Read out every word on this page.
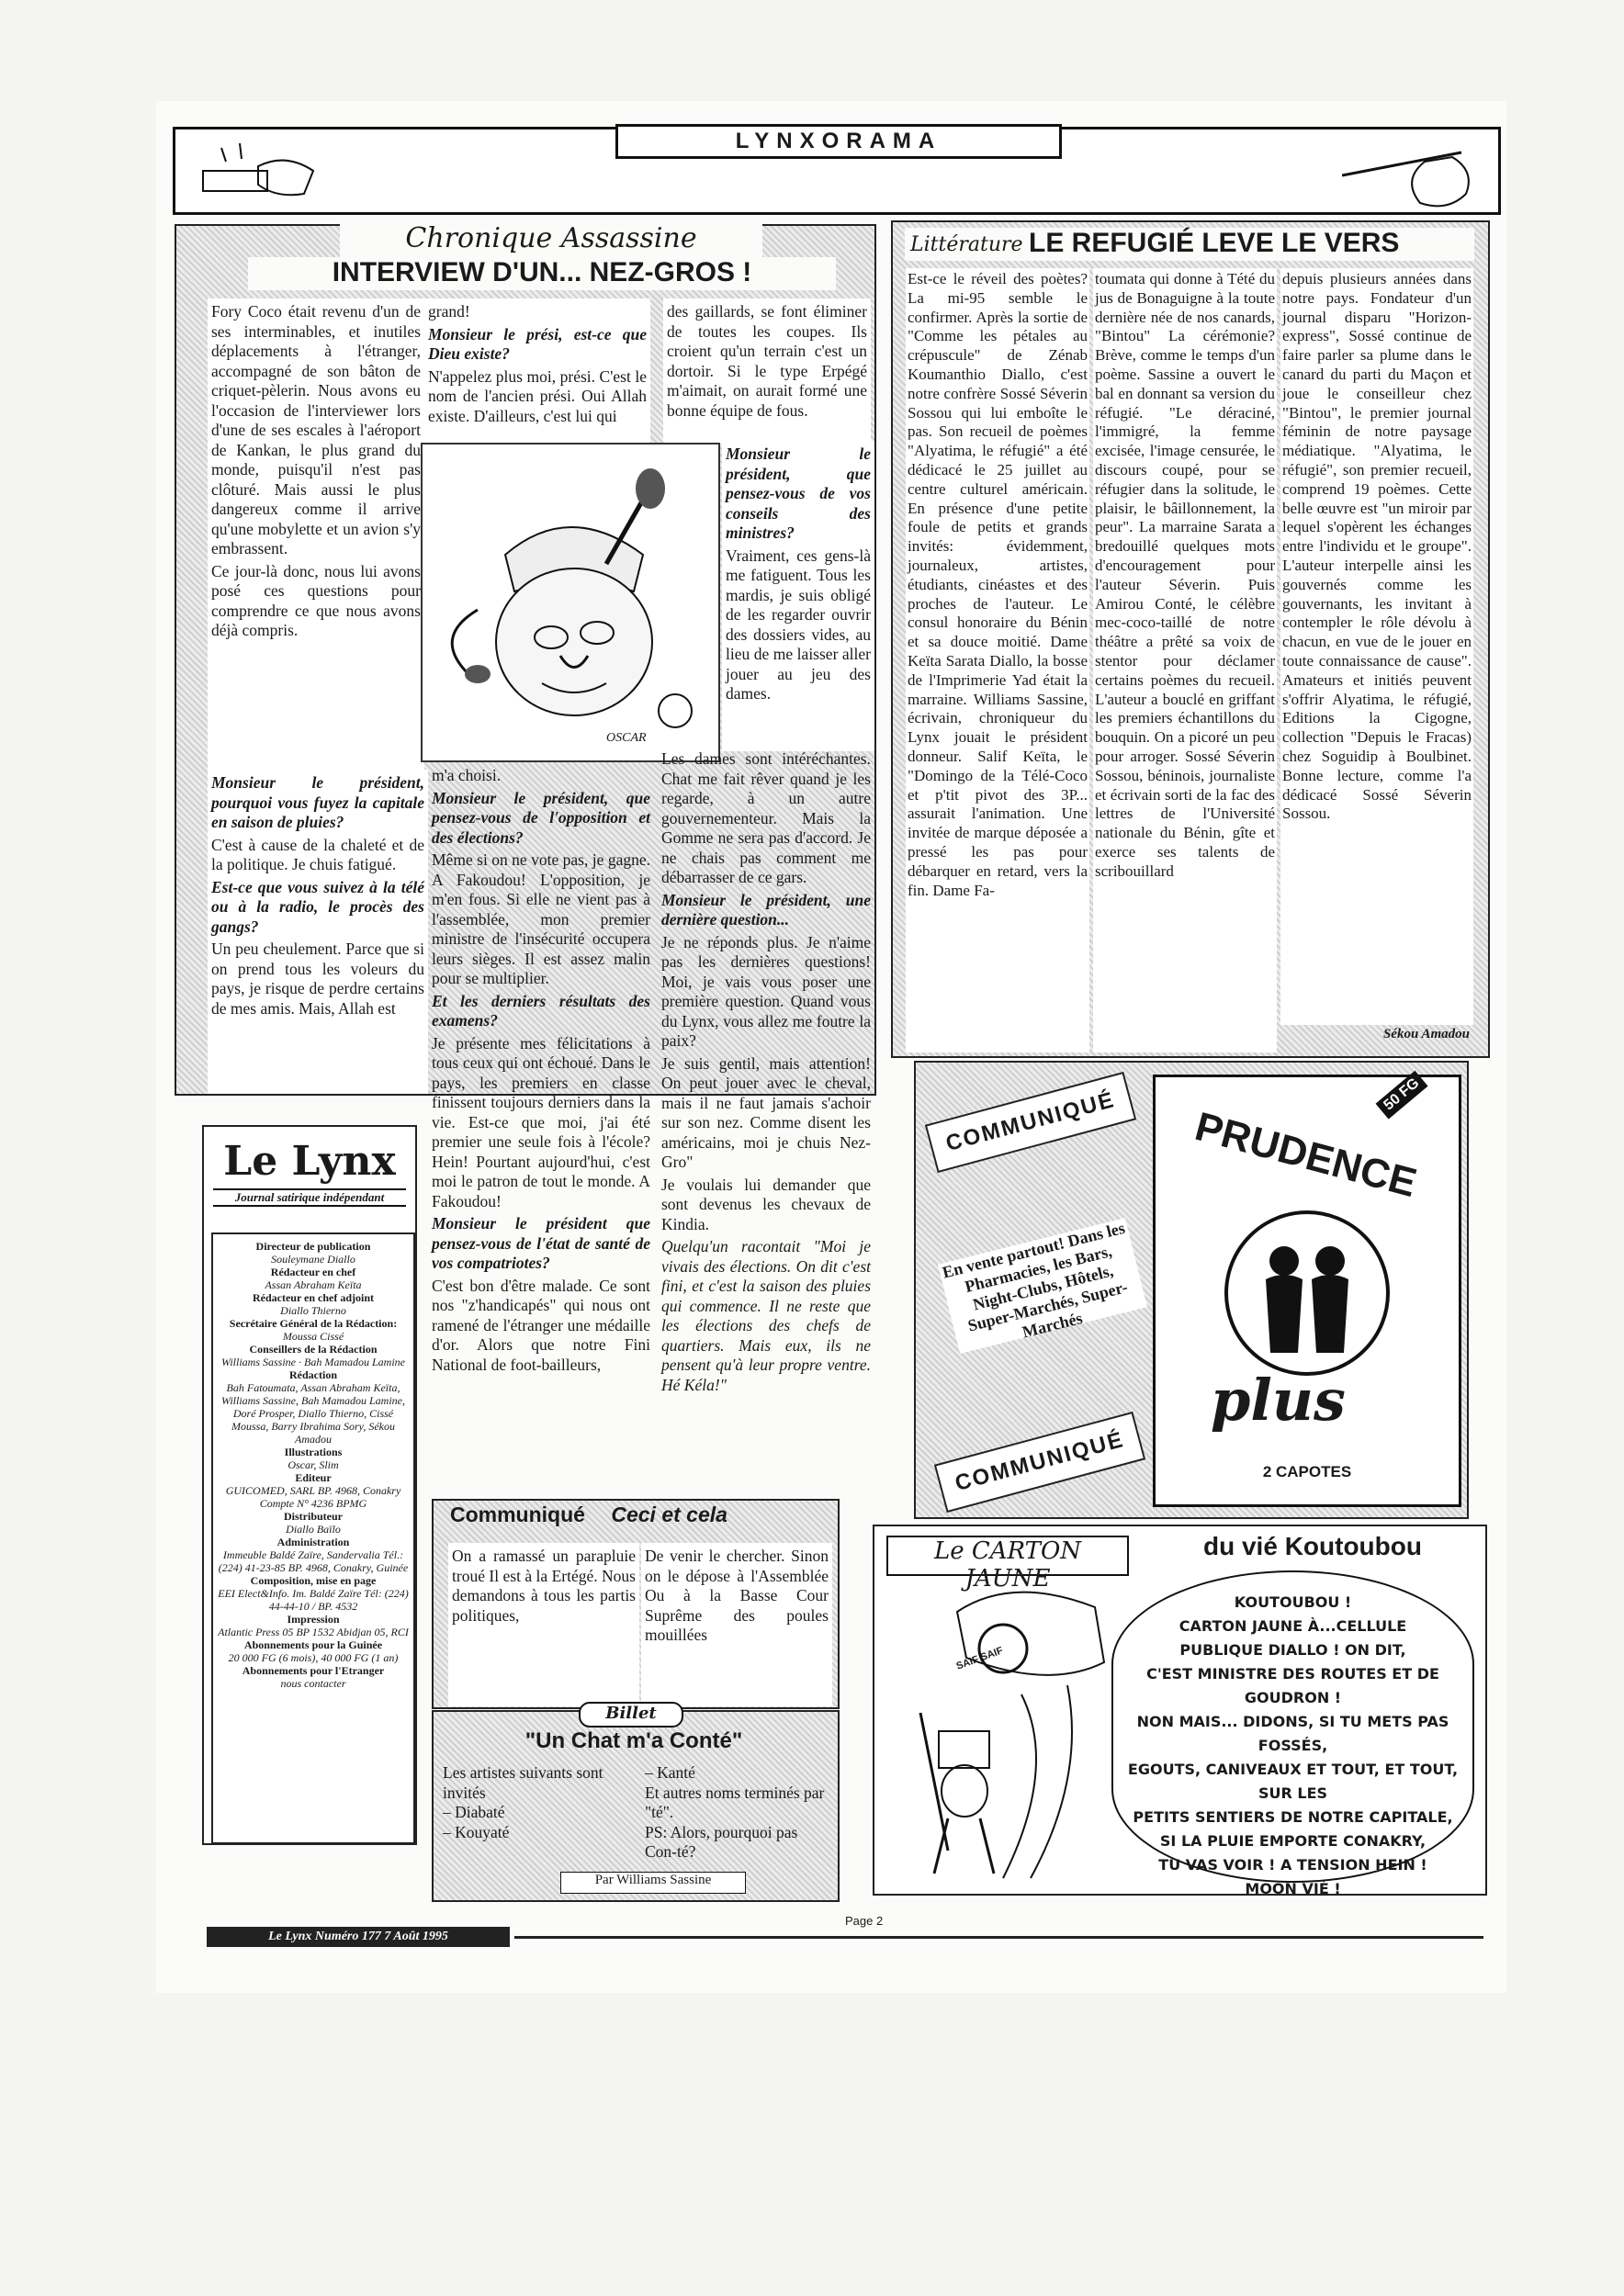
LYNXORAMA
Chronique Assassine
INTERVIEW D'UN... NEZ-GROS !

Fory Coco était revenu d'un de ses interminables, et inutiles déplacements à l'étranger, accompagné de son bâton de criquet-pèlerin. Nous avons eu l'occasion de l'interviewer lors d'une de ses escales à l'aéroport de Kankan, le plus grand du monde, puisqu'il n'est pas clôturé. Mais aussi le plus dangereux comme il arrive qu'une mobylette et un avion s'y embrassent.

Ce jour-là donc, nous lui avons posé ces questions pour comprendre ce que nous avons déjà compris.

Monsieur le président, pourquoi vous fuyez la capitale en saison de pluies?

C'est à cause de la chaleté et de la politique. Je chuis fatigué.

Est-ce que vous suivez à la télé ou à la radio, le procès des gangs?

Un peu cheulement. Parce que si on prend tous les voleurs du pays, je risque de perdre certains de mes amis. Mais, Allah est

grand!

Monsieur le prési, est-ce que Dieu existe?

N'appelez plus moi, prési. C'est le nom de l'ancien prési. Oui Allah existe. D'ailleurs, c'est lui qui

des gaillards, se font éliminer de toutes les coupes. Ils croient qu'un terrain c'est un dortoir. Si le type Erpégé m'aimait, on aurait formé une bonne équipe de fous.

OSCAR

Monsieur le président, que pensez-vous de vos conseils des ministres?

Vraiment, ces gens-là me fatiguent. Tous les mardis, je suis obligé de les regarder ouvrir des dossiers vides, au lieu de me laisser aller jouer au jeu des dames.

m'a choisi.

Monsieur le président, que pensez-vous de l'opposition et des élections?

Même si on ne vote pas, je gagne. A Fakoudou! L'opposition, je m'en fous. Si elle ne vient pas à l'assemblée, mon premier ministre de l'insécurité occupera leurs sièges. Il est assez malin pour se multiplier.

Et les derniers résultats des examens?

Je présente mes félicitations à tous ceux qui ont échoué. Dans le pays, les premiers en classe finissent toujours derniers dans la vie. Est-ce que moi, j'ai été premier une seule fois à l'école? Hein! Pourtant aujourd'hui, c'est moi le patron de tout le monde. A Fakoudou!

Monsieur le président que pensez-vous de l'état de santé de vos compatriotes?

C'est bon d'être malade. Ce sont nos "z'handicapés" qui nous ont ramené de l'étranger une médaille d'or. Alors que notre Fini National de foot-bailleurs,

Les dames sont intéréchantes. Chat me fait rêver quand je les regarde, à un autre gouvernementeur. Mais la Gomme ne sera pas d'accord. Je ne chais pas comment me débarrasser de ce gars.

Monsieur le président, une dernière question...

Je ne réponds plus. Je n'aime pas les dernières questions! Moi, je vais vous poser une première question. Quand vous du Lynx, vous allez me foutre la paix?

Je suis gentil, mais attention! On peut jouer avec le cheval, mais il ne faut jamais s'achoir sur son nez. Comme disent les américains, moi je chuis Nez-Gro"

Je voulais lui demander que sont devenus les chevaux de Kindia.

Quelqu'un racontait "Moi je vivais des élections. On dit c'est fini, et c'est la saison des pluies qui commence. Il ne reste que les élections des chefs de quartiers. Mais eux, ils ne pensent qu'à leur propre ventre. Hé Kéla!"

Littérature LE REFUGIÉ LEVE LE VERS
Est-ce le réveil des poètes? La mi-95 semble le confirmer. Après la sortie de "Comme les pétales au crépuscule" de Zénab Koumanthio Diallo, c'est notre confrère Sossé Séverin Sossou qui lui emboîte le pas. Son recueil de poèmes "Alyatima, le réfugié" a été dédicacé le 25 juillet au centre culturel américain. En présence d'une petite foule de petits et grands invités: évidemment, journaleux, artistes, étudiants, cinéastes et des proches de l'auteur. Le consul honoraire du Bénin et sa douce moitié. Dame Keïta Sarata Diallo, la bosse de l'Imprimerie Yad était la marraine. Williams Sassine, écrivain, chroniqueur du Lynx jouait le président donneur. Salif Keïta, le "Domingo de la Télé-Coco et p'tit pivot des 3P... assurait l'animation. Une invitée de marque déposée a pressé les pas pour débarquer en retard, vers la fin. Dame Fa-
toumata qui donne à Tété du jus de Bonaguigne à la toute dernière née de nos canards, "Bintou" La cérémonie? Brève, comme le temps d'un poème. Sassine a ouvert le bal en donnant sa version du réfugié. "Le déraciné, l'immigré, la femme excisée, l'image censurée, le discours coupé, pour se réfugier dans la solitude, le plaisir, le bâillonnement, la peur". La marraine Sarata a bredouillé quelques mots d'encouragement pour l'auteur Séverin. Puis Amirou Conté, le célèbre mec-coco-taillé de notre théâtre a prêté sa voix de stentor pour déclamer certains poèmes du recueil. L'auteur a bouclé en griffant les premiers échantillons du bouquin. On a picoré un peu pour arroger. Sossé Séverin Sossou, béninois, journaliste et écrivain sorti de la fac des lettres de l'Université nationale du Bénin, gîte et exerce ses talents de scribouillard
depuis plusieurs années dans notre pays. Fondateur d'un journal disparu "Horizon-express", Sossé continue de faire parler sa plume dans le canard du parti du Maçon et joue le conseilleur chez "Bintou", le premier journal féminin de notre paysage médiatique. "Alyatima, le réfugié", son premier recueil, comprend 19 poèmes. Cette belle œuvre est "un miroir par lequel s'opèrent les échanges entre l'individu et le groupe". L'auteur interpelle ainsi les gouvernés comme les gouvernants, les invitant à contempler le rôle dévolu à chacun, en vue de le jouer en toute connaissance de cause". Amateurs et initiés peuvent s'offrir Alyatima, le réfugié, Editions la Cigogne, collection "Depuis le Fracas) chez Soguidip à Boulbinet. Bonne lecture, comme l'a dédicacé Sossé Séverin Sossou.
Sékou Amadou
Le Lynx
Journal satirique indépendant
Directeur de publication
Souleymane Diallo
Rédacteur en chef
Assan Abraham Keïta
Rédacteur en chef adjoint
Diallo Thierno
Secrétaire Général de la Rédaction:
Moussa Cissé
Conseillers de la Rédaction
Williams Sassine · Bah Mamadou Lamine
Rédaction
Bah Fatoumata, Assan Abraham Keïta, Williams Sassine, Bah Mamadou Lamine, Doré Prosper, Diallo Thierno, Cissé Moussa, Barry Ibrahima Sory, Sékou Amadou
Illustrations
Oscar, Slim
Editeur
GUICOMED, SARL BP. 4968, Conakry Compte N° 4236 BPMG
Distributeur
Diallo Baïlo
Administration
Immeuble Baldé Zaïre, Sandervalia Tél.: (224) 41-23-85 BP. 4968, Conakry, Guinée
Composition, mise en page
EEI Elect&Info. Im. Baldé Zaïre Tél: (224) 44-44-10 / BP. 4532
Impression
Atlantic Press 05 BP 1532 Abidjan 05, RCI
Abonnements pour la Guinée
20 000 FG (6 mois), 40 000 FG (1 an)
Abonnements pour l'Etranger
nous contacter
COMMUNIQUÉ
En vente partout! Dans les Pharmacies, les Bars, Night-Clubs, Hôtels, Super-Marchés, Super-Marchés
COMMUNIQUÉ
PRUDENCE
50 FG
plus
2 CAPOTES
Communiqué Ceci et cela
On a ramassé un parapluie troué Il est à la Ertégé. Nous demandons à tous les partis politiques,
De venir le chercher. Sinon on le dépose à l'Assemblée Ou à la Basse Cour Suprême des poules mouillées
Billet
"Un Chat m'a Conté"
Les artistes suivants sont invités
– Diabaté
– Kouyaté
– Kanté
Et autres noms terminés par "té".
PS: Alors, pourquoi pas Con-té?
Par Williams Sassine
Le CARTON JAUNE
du vié Koutoubou
SAIF SAIF
KOUTOUBOU !
CARTON JAUNE À...CELLULE
PUBLIQUE DIALLO ! ON DIT,
C'EST MINISTRE DES ROUTES ET DE GOUDRON !
NON MAIS... DIDONS, SI TU METS PAS FOSSÉS,
EGOUTS, CANIVEAUX ET TOUT, ET TOUT, SUR LES
PETITS SENTIERS DE NOTRE CAPITALE,
SI LA PLUIE EMPORTE CONAKRY,
TU VAS VOIR ! A TENSION HEIN !
MOON VIÉ !
Le Lynx Numéro 177 7 Août 1995
Page 2
